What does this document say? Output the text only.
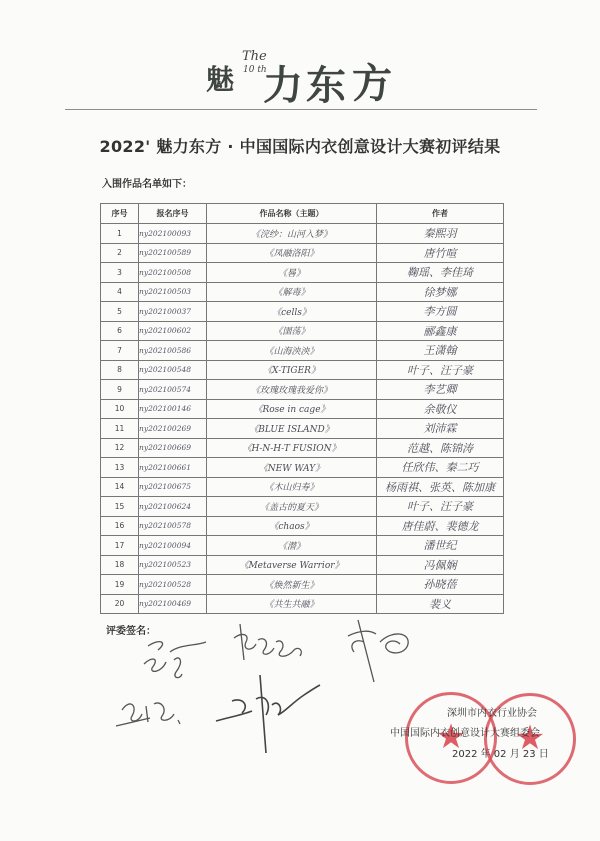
魅
The
10 th
力 东 方
2022' 魅力东方 · 中国国际内衣创意设计大赛初评结果
入围作品名单如下：
序号	报名序号	作品名称（主题）	作者
1	ny202100093	《浣纱：山河入梦》	秦熙羽
2	ny202100589	《凤融洛阳》	唐竹喧
3	ny202100508	《晷》	鞠瑶、李佳琦
4	ny202100503	《解毒》	徐梦娜
5	ny202100037	《cells》	李方圆
6	ny202100602	《圉荡》	郦鑫康
7	ny202100586	《山海泱泱》	王潇翰
8	ny202100548	《X-TIGER》	叶子、汪子豪
9	ny202100574	《玫瑰玫瑰我爱你》	李艺卿
10	ny202100146	《Rose in cage》	余敬仪
11	ny202100269	《BLUE ISLAND》	刘沛霖
12	ny202100669	《H-N-H-T FUSION》	范越、陈锦涛
13	ny202100661	《NEW WAY》	任欣伟、秦二巧
14	ny202100675	《木山归寿》	杨雨祺、张英、陈加康
15	ny202100624	《盖古的夏天》	叶子、汪子豪
16	ny202100578	《chaos》	唐佳蔚、裴德龙
17	ny202100094	《潜》	潘世纪
18	ny202100523	《Metaverse Warrior》	冯佩娴
19	ny202100528	《焕然新生》	孙晓蓓
20	ny202100469	《共生共融》	裴义
评委签名：
★	★
深圳市内衣行业协会
中国国际内衣创意设计大赛组委会
2022 年 02 月 23 日
